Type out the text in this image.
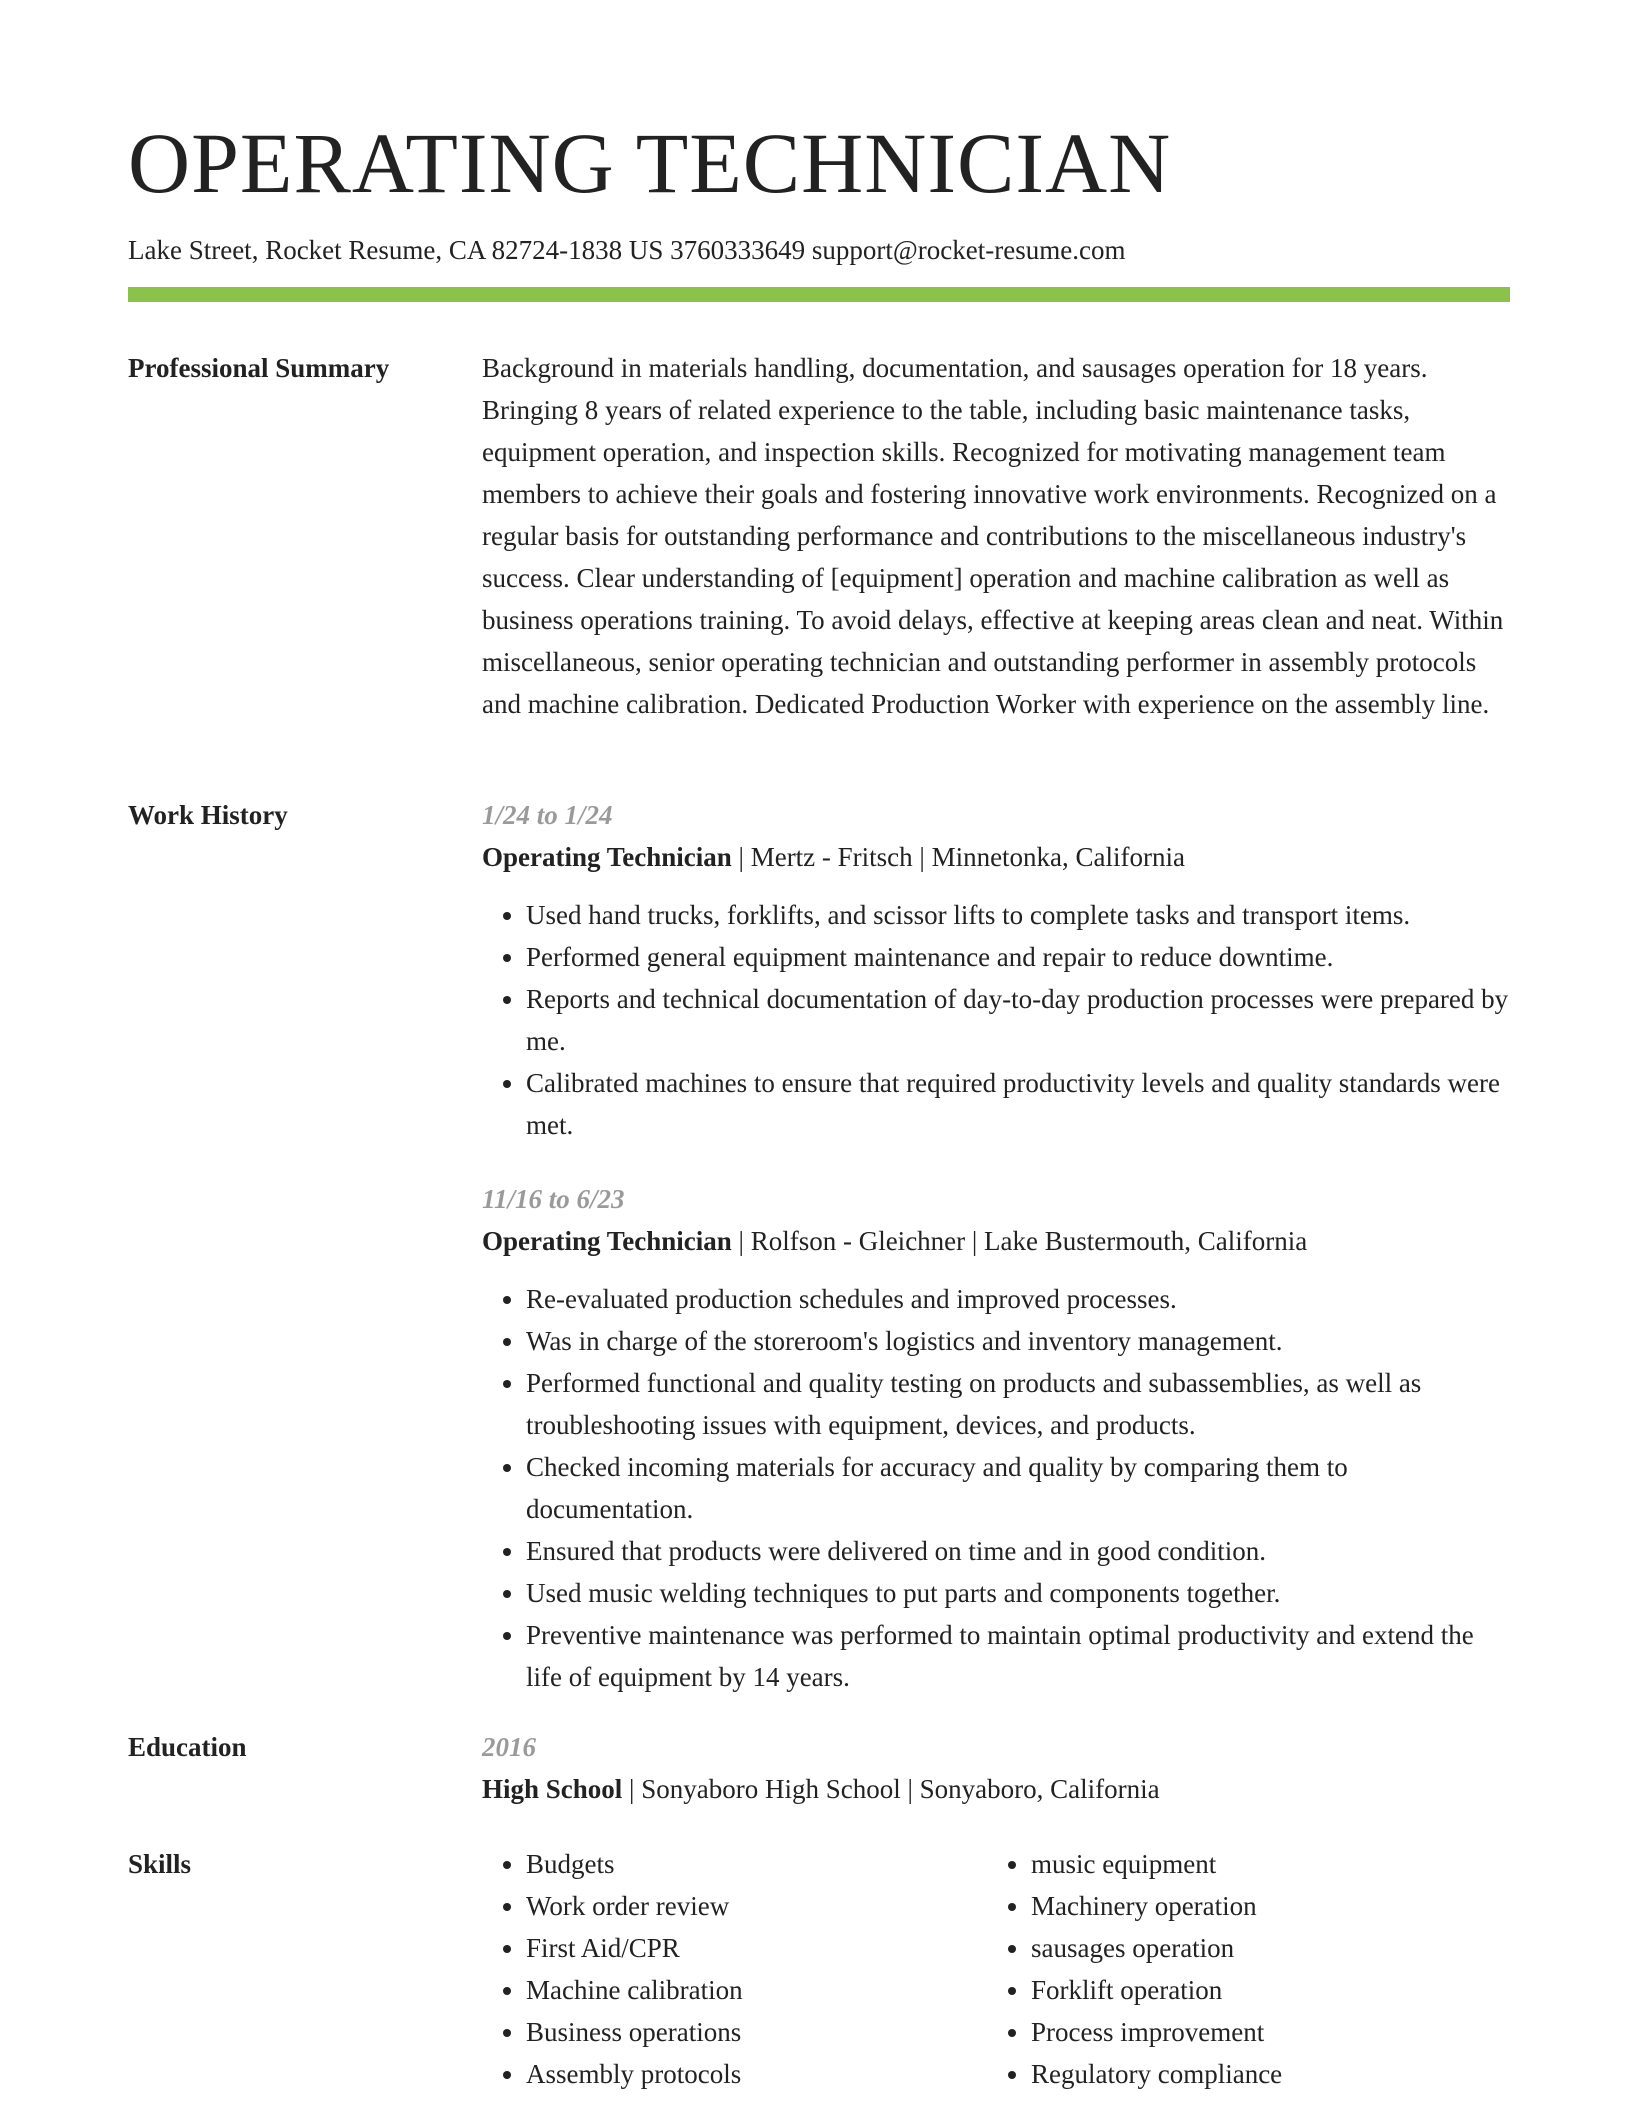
OPERATING TECHNICIAN
Lake Street, Rocket Resume, CA 82724-1838 US 3760333649 support@rocket-resume.com
Professional Summary	Background in materials handling, documentation, and sausages operation for 18 years. Bringing 8 years of related experience to the table, including basic maintenance tasks, equipment operation, and inspection skills. Recognized for motivating management team members to achieve their goals and fostering innovative work environments. Recognized on a regular basis for outstanding performance and contributions to the miscellaneous industry's success. Clear understanding of [equipment] operation and machine calibration as well as business operations training. To avoid delays, effective at keeping areas clean and neat. Within miscellaneous, senior operating technician and outstanding performer in assembly protocols and machine calibration. Dedicated Production Worker with experience on the assembly line.

Work History	1/24 to 1/24
Operating Technician | Mertz - Fritsch | Minnetonka, California
• Used hand trucks, forklifts, and scissor lifts to complete tasks and transport items.
• Performed general equipment maintenance and repair to reduce downtime.
• Reports and technical documentation of day-to-day production processes were prepared by me.
• Calibrated machines to ensure that required productivity levels and quality standards were met.
11/16 to 6/23
Operating Technician | Rolfson - Gleichner | Lake Bustermouth, California
• Re-evaluated production schedules and improved processes.
• Was in charge of the storeroom's logistics and inventory management.
• Performed functional and quality testing on products and subassemblies, as well as troubleshooting issues with equipment, devices, and products.
• Checked incoming materials for accuracy and quality by comparing them to documentation.
• Ensured that products were delivered on time and in good condition.
• Used music welding techniques to put parts and components together.
• Preventive maintenance was performed to maintain optimal productivity and extend the life of equipment by 14 years.
Education	2016
High School | Sonyaboro High School | Sonyaboro, California
Skills
•	Budgets
• Work order review
• First Aid/CPR
• Machine calibration
• Business operations
• Assembly protocols
• music equipment
• Machinery operation
• sausages operation
• Forklift operation
• Process improvement
• Regulatory compliance
